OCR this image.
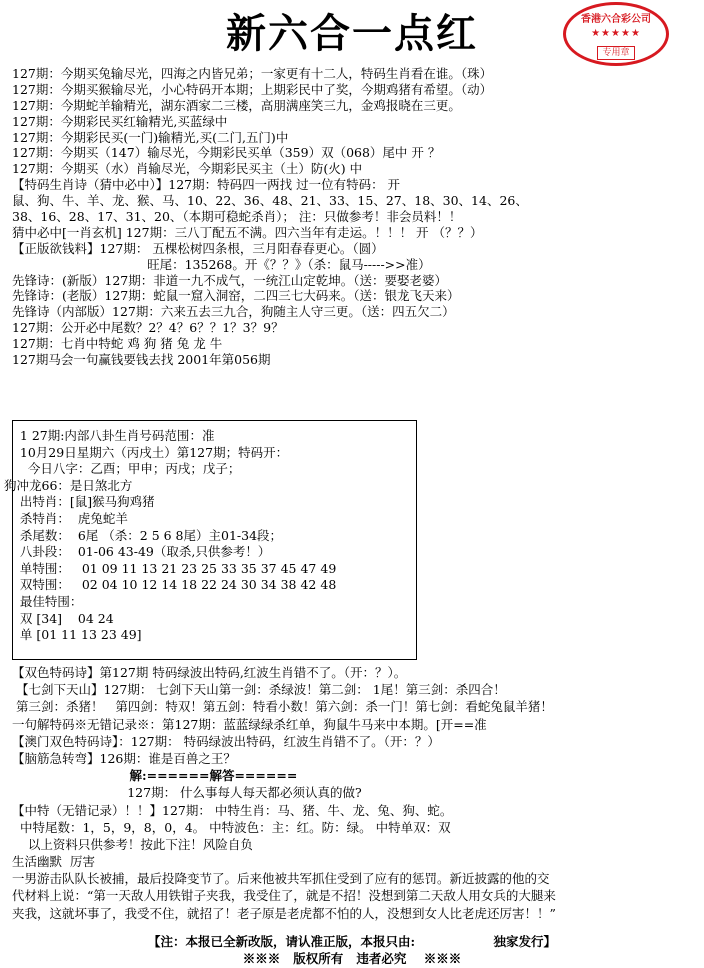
新六合一点红	香港六合彩公司
★★★★★
专用章
127期：今期买兔输尽光，四海之内皆兄弟；一家更有十二人，特码生肖看在谁。（珠）
127期：今期买猴输尽光，小心特码开本期；上期彩民中了奖，今期鸡猪有希望。（动）
127期：今期蛇羊输精光，湖东酒家二三楼，高朋满座笑三九，金鸡报晓在三更。
127期：今期彩民买红输精光,买蓝绿中
127期：今期彩民买(一门)输精光,买(二门,五门)中
127期：今期买（147）输尽光，今期彩民买单（359）双（068）尾中 开 ？
127期：今期买（水）肖输尽光，今期彩民买主（土）防(火) 中
【特码生肖诗（猜中必中）】127期：特码四一两找 过一位有特码： 开
鼠、狗、牛、羊、龙、猴、马、10、22、36、48、21、33、15、27、18、30、14、26、
38、16、28、17、31、20、（本期可稳蛇杀肖）； 注：只做参考！非会员料！！
猜中必中[一肖玄机] 127期：三八丁配五不满。四六当年有走运。！！！ 开 （？？）
【正版欲钱料】127期： 五棵松树四条根，三月阳春春更心。（圆）
旺尾：135268。开《？？》（杀：鼠马----->>准）
先锋诗：(新版）127期：非道一九不成气，一统江山定乾坤。（送：要娶老婆）
先锋诗：(老版）127期：蛇鼠一窟入洞窑，二四三七大码来。（送：银龙飞天来）
先锋诗（内部版）127期：六来五去三九合，狗随主人守三更。（送：四五欠二）
127期：公开必中尾数？2？4？6？？1？3？9？
127期：七肖中特蛇 鸡 狗 猪 兔 龙 牛
127期马会一句赢钱要钱去找 2001年第056期
1 27期:内部八卦生肖号码范围：准
10月29日星期六（丙戌土）第127期；特码开：
今日八字：乙酉；甲申；丙戌；戊子；
狗冲龙66：是日煞北方
出特肖：[鼠]猴马狗鸡猪
杀特肖：  虎兔蛇羊
杀尾数：  6尾 （杀：2 5 6 8尾）主01-34段；
八卦段：  01-06 43-49（取杀,只供参考！）
单特围：   01 09 11 13 21 23 25 33 35 37 45 47 49
双特围：   02 04 10 12 14 18 22 24 30 34 38 42 48
最佳特围：
双 [34]    04 24
单 [01 11 13 23 49]
【双色特码诗】第127期 特码绿波出特码,红波生肖错不了。（开：？）。
【七剑下天山】127期： 七剑下天山第一剑：杀绿波！第二剑： 1尾！第三剑：杀四合！
第三剑：杀猪！   第四剑：特双！第五剑：特看小数！第六剑：杀一门！第七剑：看蛇兔鼠羊猪！
一句解特码※无错记录※：第127期：蓝蓝绿绿杀红单，狗鼠牛马来中本期。[开==准
【澳门双色特码诗】：127期： 特码绿波出特码，红波生肖错不了。（开：？）
【脑筋急转弯】126期：谁是百兽之王？
解:======解答======
127期： 什么事每人每天都必须认真的做?
【中特（无错记录）！！】127期： 中特生肖：马、猪、牛、龙、兔、狗、蛇。
中特尾数：1，5，9，8，0，4。 中特波色：主：红。防：绿。 中特单双：双
以上资料只供参考！按此下注！风险自负
生活幽默  厉害
一男游击队队长被捕，最后投降变节了。后来他被共军抓住受到了应有的惩罚。新近披露的他的交
代材料上说：“第一天敌人用铁钳子夹我，我受住了，就是不招！没想到第二天敌人用女兵的大腿来
夹我，这就坏事了，我受不住，就招了！老子原是老虎都不怕的人，没想到女人比老虎还厉害！！”
【注：本报已全新改版，请认准正版，本报只由:                  独家发行】
※※※   版权所有   违者必究    ※※※
